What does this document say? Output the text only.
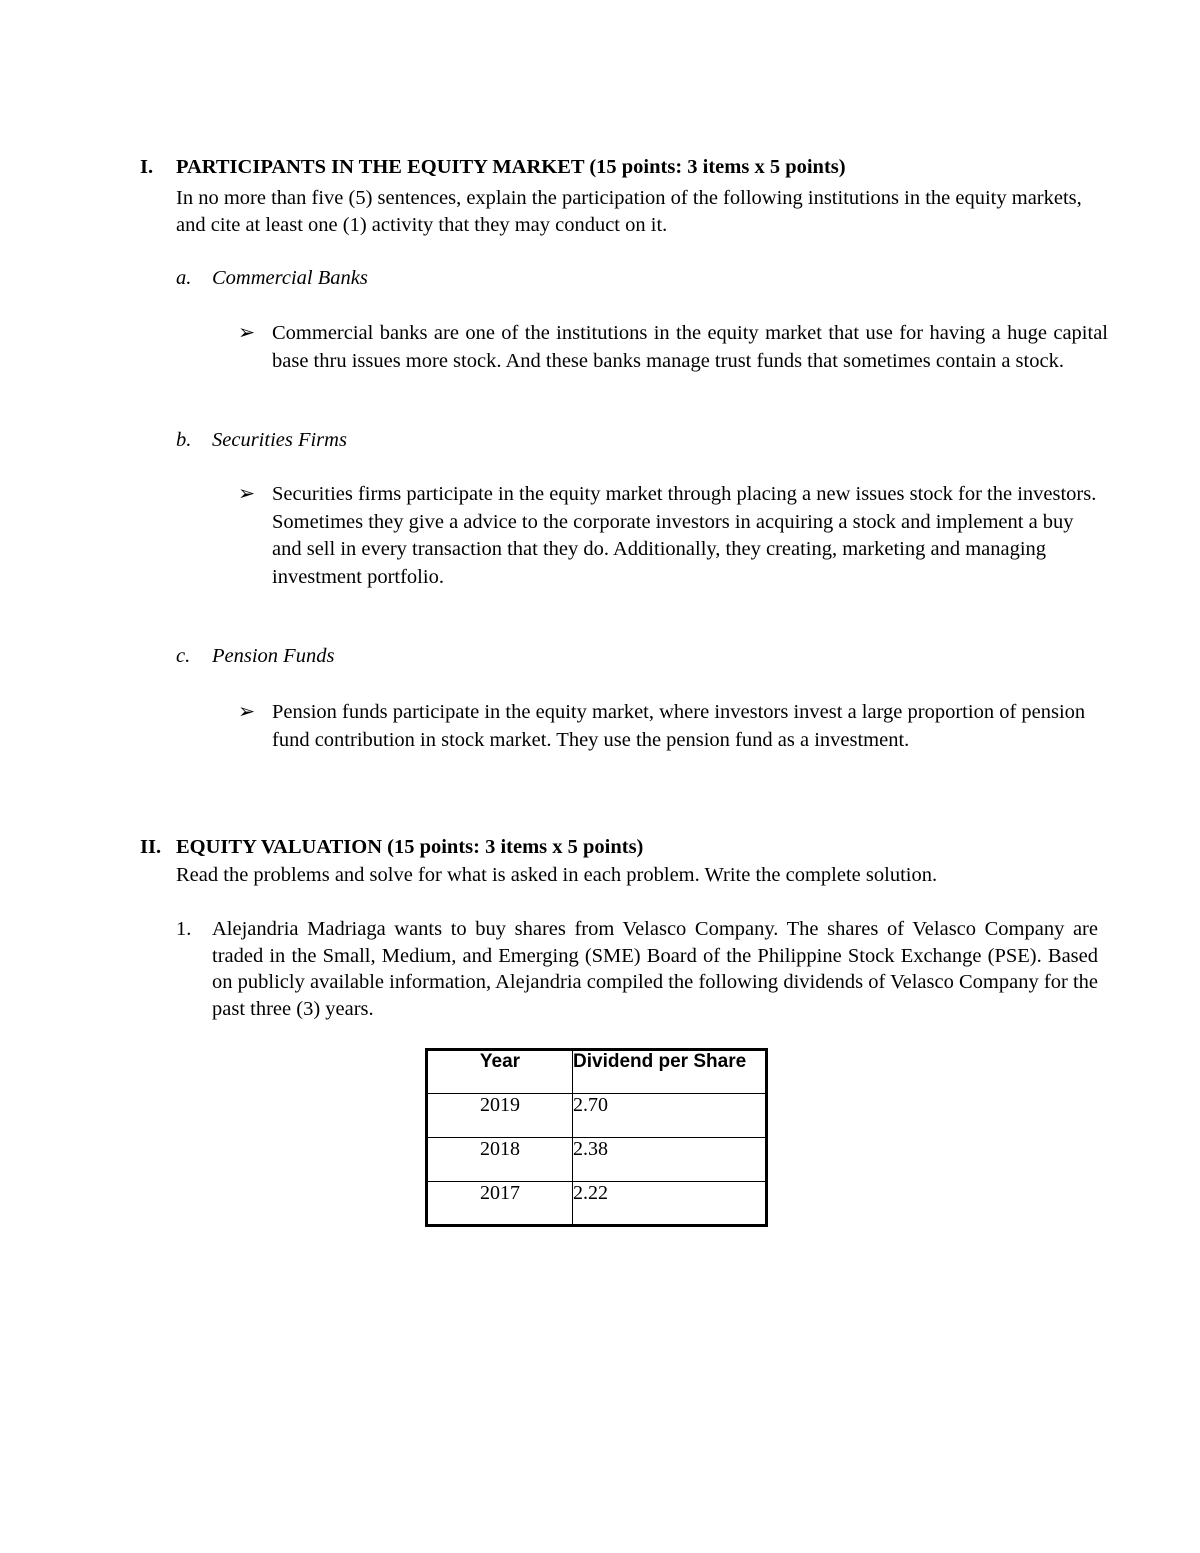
I. PARTICIPANTS IN THE EQUITY MARKET (15 points: 3 items x 5 points)
In no more than five (5) sentences, explain the participation of the following institutions in the equity markets, and cite at least one (1) activity that they may conduct on it.
a. Commercial Banks
➢ Commercial banks are one of the institutions in the equity market that use for having a huge capital base thru issues more stock. And these banks manage trust funds that sometimes contain a stock.
b. Securities Firms
➢ Securities firms participate in the equity market through placing a new issues stock for the investors. Sometimes they give a advice to the corporate investors in acquiring a stock and implement a buy and sell in every transaction that they do. Additionally, they creating, marketing and managing investment portfolio.
c. Pension Funds
➢ Pension funds participate in the equity market, where investors invest a large proportion of pension fund contribution in stock market. They use the pension fund as a investment.
II. EQUITY VALUATION (15 points: 3 items x 5 points)
Read the problems and solve for what is asked in each problem. Write the complete solution.
1. Alejandria Madriaga wants to buy shares from Velasco Company. The shares of Velasco Company are traded in the Small, Medium, and Emerging (SME) Board of the Philippine Stock Exchange (PSE). Based on publicly available information, Alejandria compiled the following dividends of Velasco Company for the past three (3) years.
Year	Dividend per Share
2019	2.70
2018	2.38
2017	2.22
